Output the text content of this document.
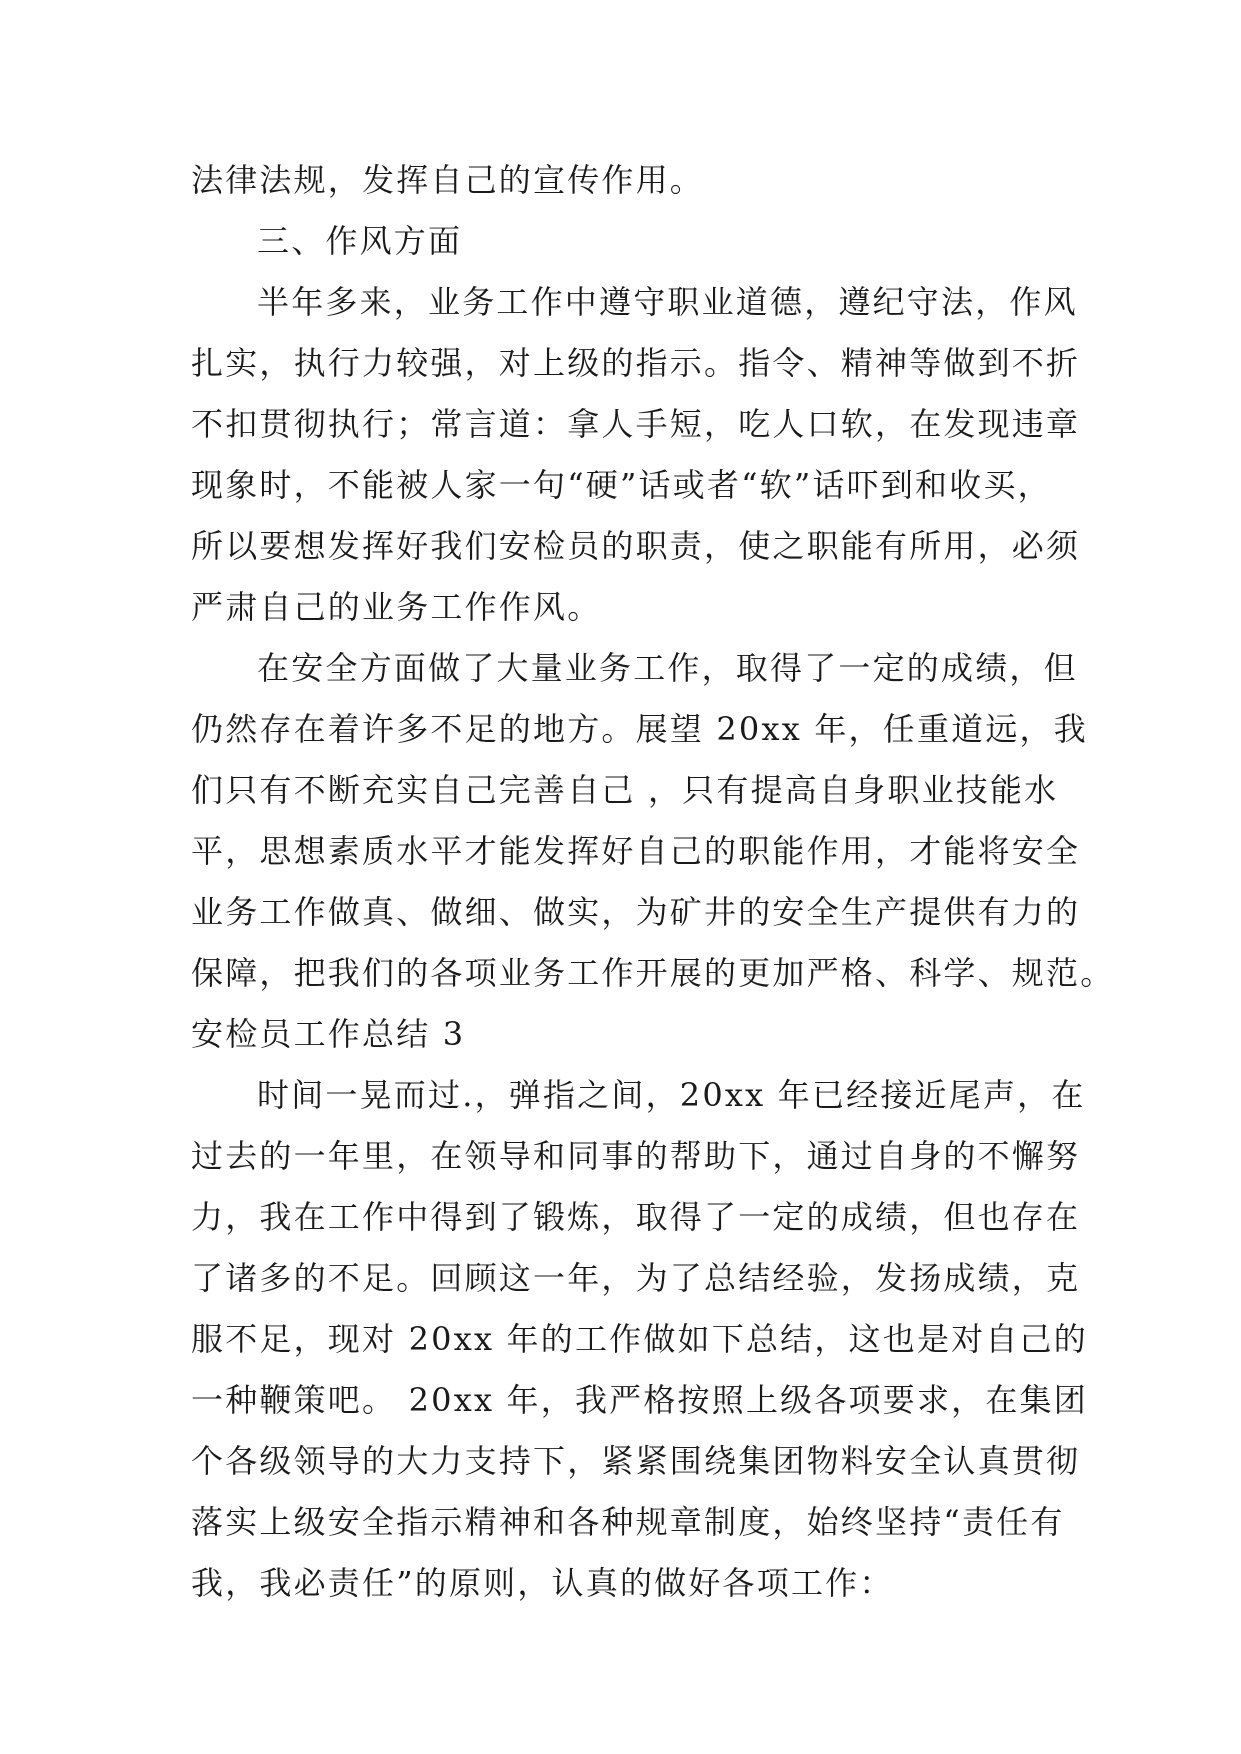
法律法规，发挥自己的宣传作用。
三、作风方面
半年多来，业务工作中遵守职业道德，遵纪守法，作风
扎实，执行力较强，对上级的指示。指令、精神等做到不折
不扣贯彻执行；常言道：拿人手短，吃人口软，在发现违章
现象时，不能被人家一句“硬”话或者“软”话吓到和收买，
所以要想发挥好我们安检员的职责，使之职能有所用，必须
严肃自己的业务工作作风。
在安全方面做了大量业务工作，取得了一定的成绩，但
仍然存在着许多不足的地方。展望 20xx 年，任重道远，我
们只有不断充实自己完善自己 ，只有提高自身职业技能水
平，思想素质水平才能发挥好自己的职能作用，才能将安全
业务工作做真、做细、做实，为矿井的安全生产提供有力的
保障，把我们的各项业务工作开展的更加严格、科学、规范。
安检员工作总结 3
时间一晃而过.，弹指之间，20xx 年已经接近尾声，在
过去的一年里，在领导和同事的帮助下，通过自身的不懈努
力，我在工作中得到了锻炼，取得了一定的成绩，但也存在
了诸多的不足。回顾这一年，为了总结经验，发扬成绩，克
服不足，现对 20xx 年的工作做如下总结，这也是对自己的
一种鞭策吧。 20xx 年，我严格按照上级各项要求，在集团
个各级领导的大力支持下，紧紧围绕集团物料安全认真贯彻
落实上级安全指示精神和各种规章制度，始终坚持“责任有
我，我必责任”的原则，认真的做好各项工作：
